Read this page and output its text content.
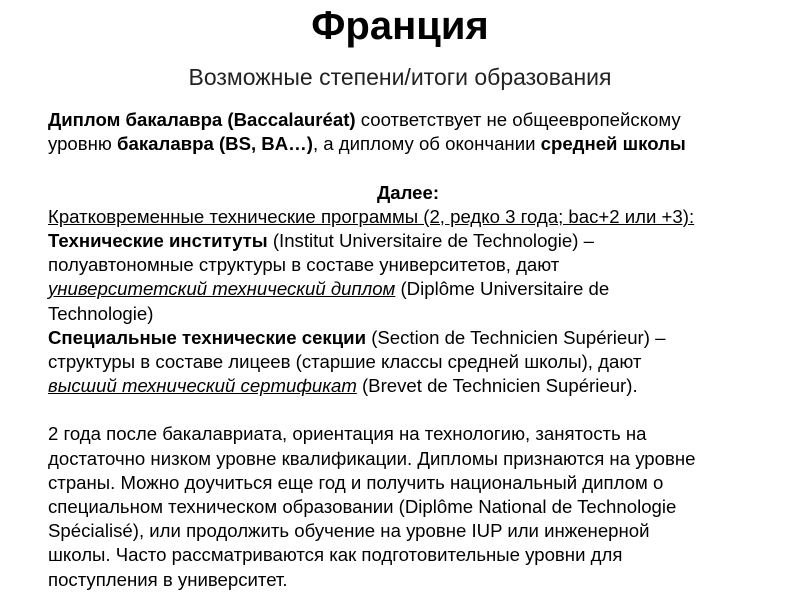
Франция
Возможные степени/итоги образования
Диплом бакалавра (Baccalauréat) соответствует не общеевропейскому
уровню бакалавра (BS, BA…), а диплому об окончании средней школы
Далее:
Кратковременные технические программы (2, редко 3 года; bac+2 или +3):
Технические институты (Institut Universitaire de Technologie) –
полуавтономные структуры в составе университетов, дают
университетский технический диплом (Diplôme Universitaire de
Technologie)
Специальные технические секции (Section de Technicien Supérieur) –
структуры в составе лицеев (старшие классы средней школы), дают
высший технический сертификат (Brevet de Technicien Supérieur).
2 года после бакалавриата, ориентация на технологию, занятость на
достаточно низком уровне квалификации. Дипломы признаются на уровне
страны. Можно доучиться еще год и получить национальный диплом о
специальном техническом образовании (Diplôme National de Technologie
Spécialisé), или продолжить обучение на уровне IUP или инженерной
школы. Часто рассматриваются как подготовительные уровни для
поступления в университет.
